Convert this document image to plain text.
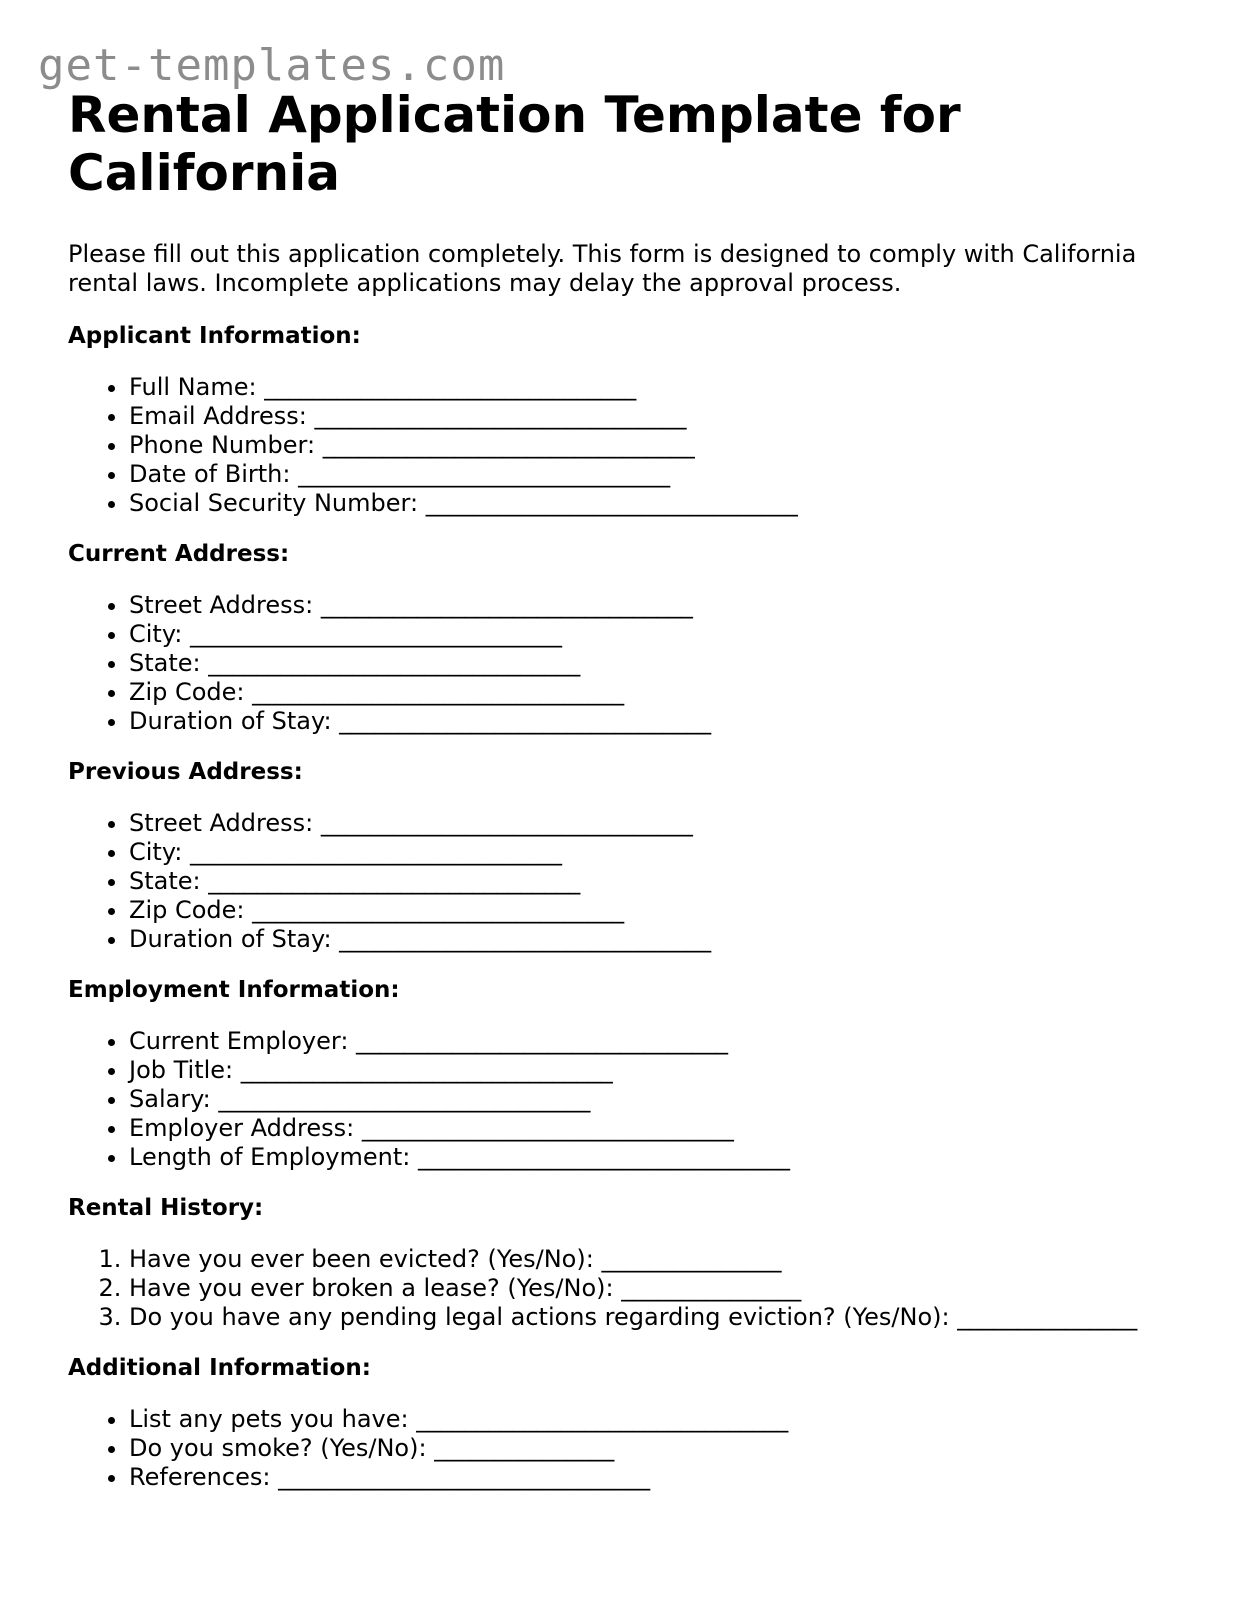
get-templates.com
Rental Application Template for California

Please fill out this application completely. This form is designed to comply with California rental laws. Incomplete applications may delay the approval process.

Applicant Information:

• Full Name: _______________________________
• Email Address: _______________________________
• Phone Number: _______________________________
• Date of Birth: _______________________________
• Social Security Number: _______________________________

Current Address:

• Street Address: _______________________________
• City: _______________________________
• State: _______________________________
• Zip Code: _______________________________
• Duration of Stay: _______________________________

Previous Address:

• Street Address: _______________________________
• City: _______________________________
• State: _______________________________
• Zip Code: _______________________________
• Duration of Stay: _______________________________

Employment Information:

• Current Employer: _______________________________
• Job Title: _______________________________
• Salary: _______________________________
• Employer Address: _______________________________
• Length of Employment: _______________________________

Rental History:

1. Have you ever been evicted? (Yes/No): _______________
2. Have you ever broken a lease? (Yes/No): _______________
3. Do you have any pending legal actions regarding eviction? (Yes/No): _______________

Additional Information:

• List any pets you have: _______________________________
• Do you smoke? (Yes/No): _______________
• References: _______________________________
